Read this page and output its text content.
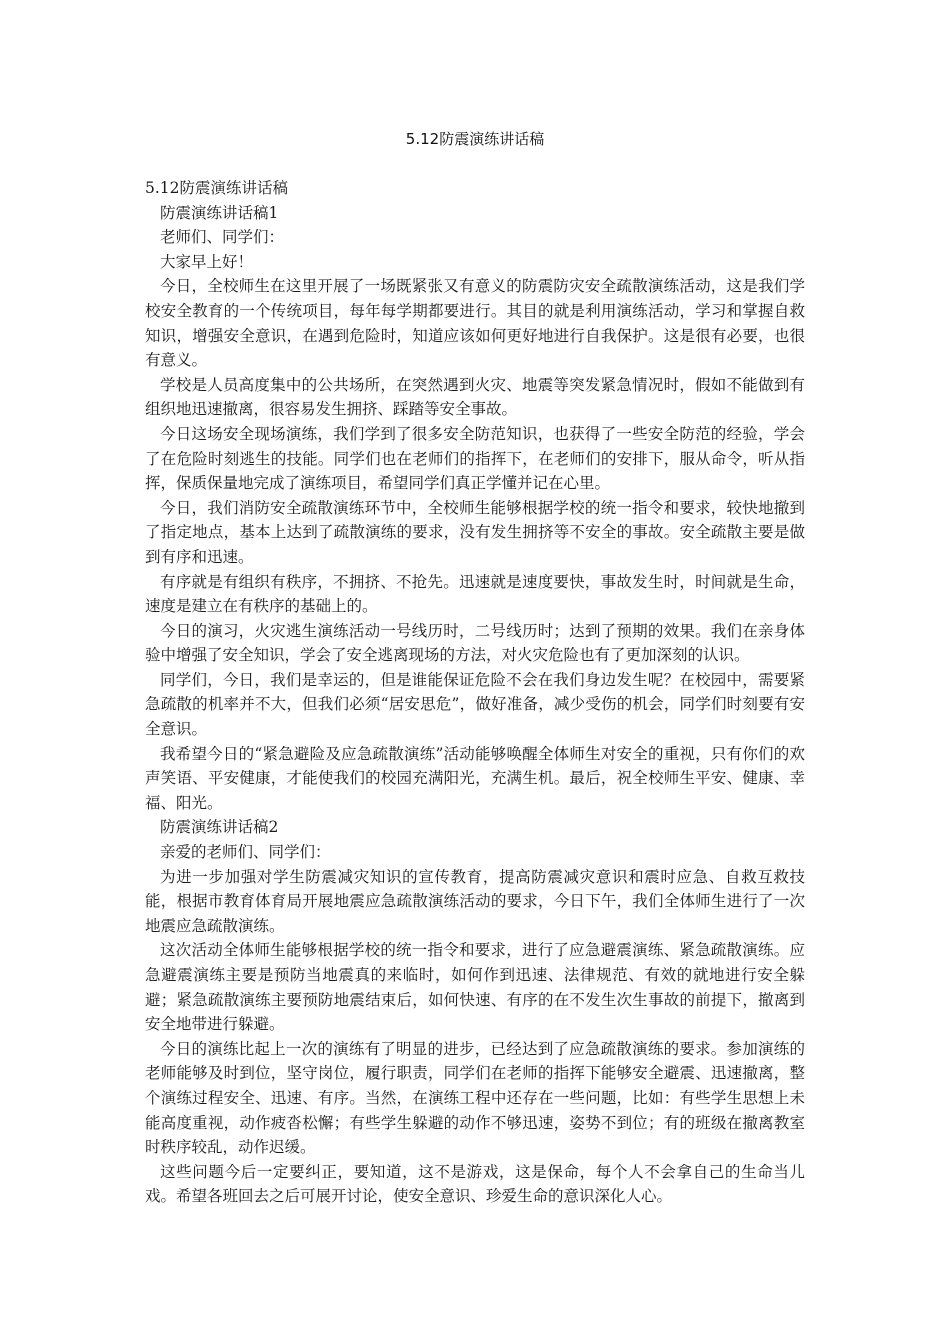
5.12防震演练讲话稿

5.12防震演练讲话稿

防震演练讲话稿1

老师们、同学们：

大家早上好！

今日，全校师生在这里开展了一场既紧张又有意义的防震防灾安全疏散演练活动，这是我们学校安全教育的一个传统项目，每年每学期都要进行。其目的就是利用演练活动，学习和掌握自救知识，增强安全意识，在遇到危险时，知道应该如何更好地进行自我保护。这是很有必要，也很有意义。

学校是人员高度集中的公共场所，在突然遇到火灾、地震等突发紧急情况时，假如不能做到有组织地迅速撤离，很容易发生拥挤、踩踏等安全事故。

今日这场安全现场演练，我们学到了很多安全防范知识，也获得了一些安全防范的经验，学会了在危险时刻逃生的技能。同学们也在老师们的指挥下，在老师们的安排下，服从命令，听从指挥，保质保量地完成了演练项目，希望同学们真正学懂并记在心里。

今日，我们消防安全疏散演练环节中，全校师生能够根据学校的统一指令和要求，较快地撤到了指定地点，基本上达到了疏散演练的要求，没有发生拥挤等不安全的事故。安全疏散主要是做到有序和迅速。

有序就是有组织有秩序，不拥挤、不抢先。迅速就是速度要快，事故发生时，时间就是生命，速度是建立在有秩序的基础上的。

今日的演习，火灾逃生演练活动一号线历时，二号线历时；达到了预期的效果。我们在亲身体验中增强了安全知识，学会了安全逃离现场的方法，对火灾危险也有了更加深刻的认识。

同学们，今日，我们是幸运的，但是谁能保证危险不会在我们身边发生呢？在校园中，需要紧急疏散的机率并不大，但我们必须“居安思危”，做好准备，减少受伤的机会，同学们时刻要有安全意识。

我希望今日的“紧急避险及应急疏散演练”活动能够唤醒全体师生对安全的重视，只有你们的欢声笑语、平安健康，才能使我们的校园充满阳光，充满生机。最后，祝全校师生平安、健康、幸福、阳光。

防震演练讲话稿2

亲爱的老师们、同学们：

为进一步加强对学生防震减灾知识的宣传教育，提高防震减灾意识和震时应急、自救互救技能，根据市教育体育局开展地震应急疏散演练活动的要求，今日下午，我们全体师生进行了一次地震应急疏散演练。

这次活动全体师生能够根据学校的统一指令和要求，进行了应急避震演练、紧急疏散演练。应急避震演练主要是预防当地震真的来临时，如何作到迅速、法律规范、有效的就地进行安全躲避；紧急疏散演练主要预防地震结束后，如何快速、有序的在不发生次生事故的前提下，撤离到安全地带进行躲避。

今日的演练比起上一次的演练有了明显的进步，已经达到了应急疏散演练的要求。参加演练的老师能够及时到位，坚守岗位，履行职责，同学们在老师的指挥下能够安全避震、迅速撤离，整个演练过程安全、迅速、有序。当然，在演练工程中还存在一些问题，比如：有些学生思想上未能高度重视，动作疲沓松懈；有些学生躲避的动作不够迅速，姿势不到位；有的班级在撤离教室时秩序较乱，动作迟缓。

这些问题今后一定要纠正，要知道，这不是游戏，这是保命，每个人不会拿自己的生命当儿戏。希望各班回去之后可展开讨论，使安全意识、珍爱生命的意识深化人心。
